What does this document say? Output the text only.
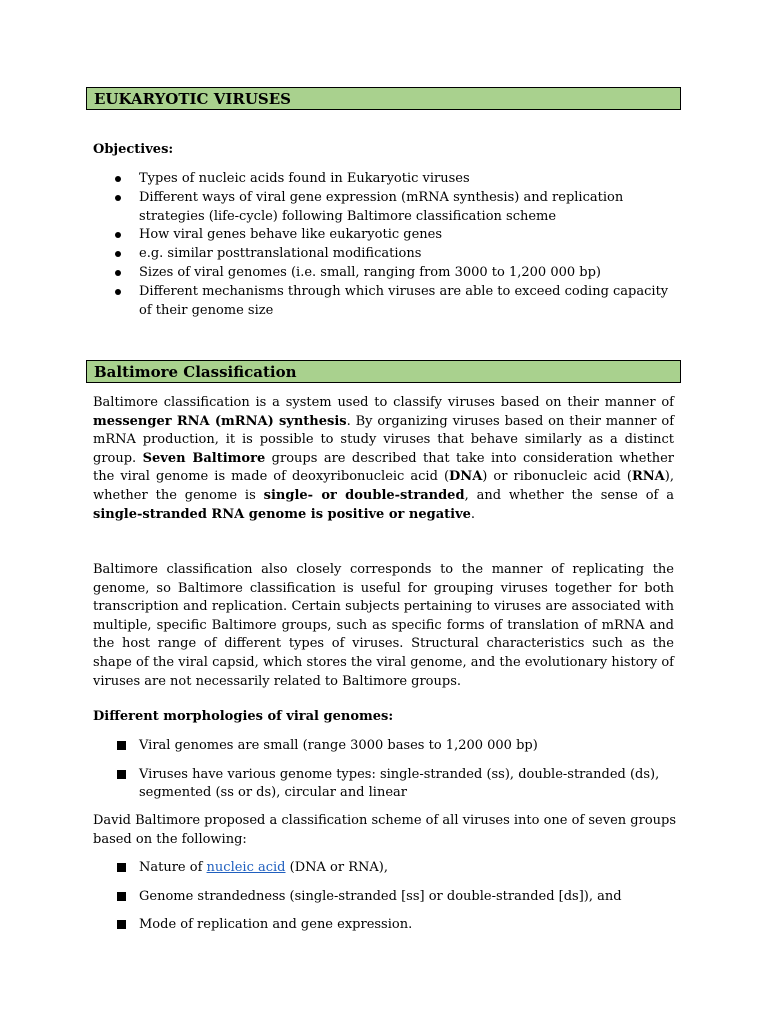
EUKARYOTIC VIRUSES
Objectives:
Types of nucleic acids found in Eukaryotic viruses
Different ways of viral gene expression (mRNA synthesis) and replication strategies (life-cycle) following Baltimore classification scheme
How viral genes behave like eukaryotic genes
e.g. similar posttranslational modifications
Sizes of viral genomes (i.e. small, ranging from 3000 to 1,200 000 bp)
Different mechanisms through which viruses are able to exceed coding capacity of their genome size
Baltimore Classification

Baltimore classification is a system used to classify viruses based on their manner of messenger RNA (mRNA) synthesis. By organizing viruses based on their manner of mRNA production, it is possible to study viruses that behave similarly as a distinct group. Seven Baltimore groups are described that take into consideration whether the viral genome is made of deoxyribonucleic acid (DNA) or ribonucleic acid (RNA), whether the genome is single- or double-stranded, and whether the sense of a single-stranded RNA genome is positive or negative.

Baltimore classification also closely corresponds to the manner of replicating the genome, so Baltimore classification is useful for grouping viruses together for both transcription and replication. Certain subjects pertaining to viruses are associated with multiple, specific Baltimore groups, such as specific forms of translation of mRNA and the host range of different types of viruses. Structural characteristics such as the shape of the viral capsid, which stores the viral genome, and the evolutionary history of viruses are not necessarily related to Baltimore groups.

Different morphologies of viral genomes:
Viral genomes are small (range 3000 bases to 1,200 000 bp)
Viruses have various genome types: single-stranded (ss), double-stranded (ds), segmented (ss or ds), circular and linear

David Baltimore proposed a classification scheme of all viruses into one of seven groups based on the following:

Nature of nucleic acid (DNA or RNA),
Genome strandedness (single-stranded [ss] or double-stranded [ds]), and
Mode of replication and gene expression.
